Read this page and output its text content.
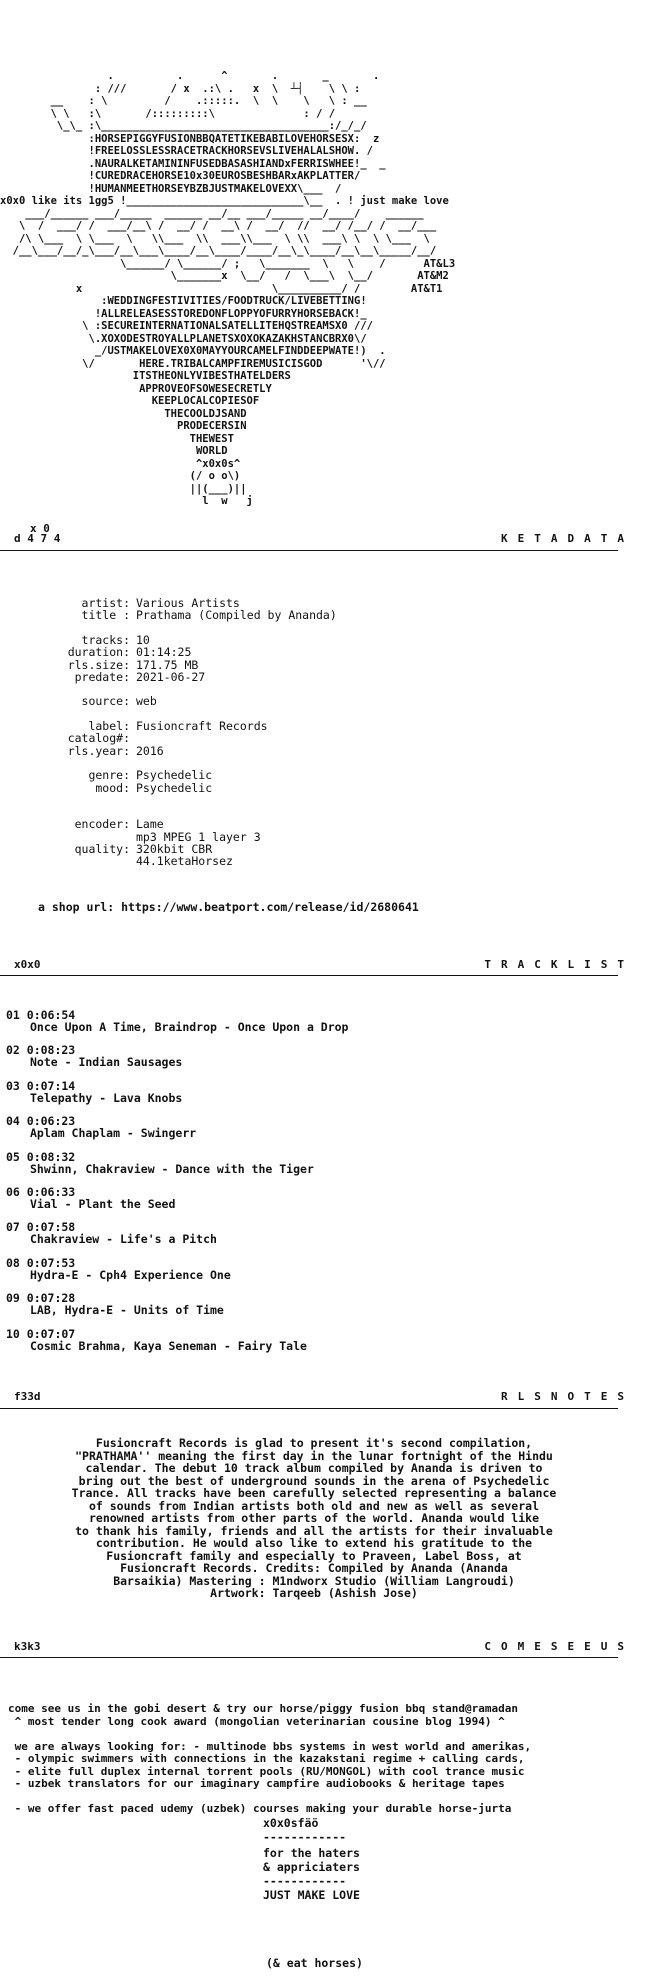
.          .      ^       .       _       .
: ///       / x  .:\ .   x  \  ┴┤    \ \ :
__    : \         /    .:::::.  \  \    \   \ : __
\ \   :\       /:::::::::\              : / /
\_\_ :\____________________________________:/_/_/
:HORSEPIGGYFUSIONBBQATETIKEBABILOVEHORSESX:  z
!FREELOSSLESSRACETRACKHORSEVSLIVEHALALSHOW. /
.NAURALKETAMININFUSEDBASASHIANDxFERRISWHEE!_  _
!CUREDRACEHORSE10x30EUROSBESHBARxAKPLATTER/
!HUMANMEETHORSEYBZBJUSTMAKELOVEXX\___  /
x0x0 like its 1gg5 !____________________________\__  . ! just make love
___/______ ___/_____  ______ __/__ ___/_____ __/____/    ______
\  /  ___/ /  ___/__\ /  __/ /  __\ /  __/  //  __/ /__/ /  __/___
/\ \___  \ \___  \   \\___  \\  ___\\___  \ \\  ___\ \  \ \___  \
/__\___/__/_\___/__\___\____/__\____/____/__\_\____/__\__\_____/__/
\______/ \______/ ;   \_______  \   \    /      AT&L3
\_______x  \__/   /  \___\  \__/       AT&M2
x                              \__________/ /        AT&T1
:WEDDINGFESTIVITIES/FOODTRUCK/LIVEBETTING!
!ALLRELEASESSTOREDONFLOPPYOFURRYHORSEBACK!_
\ :SECUREINTERNATIONALSATELLITEHQSTREAMSX0 ///
\.XOXODESTROYALLPLANETSXOXOKAZAKHSTANCBRX0\/
_/USTMAKELOVEX0X0MAYYOURCAMELFINDDEEPWATE!)  .
\/       HERE.TRIBALCAMPFIREMUSICISGOD      '\//
ITSTHEONLYVIBESTHATELDERS
APPROVEOFSOWESECRETLY
KEEPLOCALCOPIESOF
THECOOLDJSAND
PRODECERSIN
THEWEST
WORLD
^x0x0s^
(/ o o\)
||(___)||
l  w   j
x 0
d 4 7 4	KETADATA
artist: Various Artists
title : Prathama (Compiled by Ananda)
tracks: 10
duration: 01:14:25
rls.size: 171.75 MB
predate: 2021-06-27
source: web
label: Fusioncraft Records
catalog#:
rls.year: 2016
genre: Psychedelic
mood: Psychedelic
encoder: Lame
mp3 MPEG 1 layer 3
quality: 320kbit CBR
44.1ketaHorsez
a shop url: https://www.beatport.com/release/id/2680641
x0x0	TRACKLIST
01 0:06:54
Once Upon A Time, Braindrop - Once Upon a Drop
02 0:08:23
Note - Indian Sausages
03 0:07:14
Telepathy - Lava Knobs
04 0:06:23
Aplam Chaplam - Swingerr
05 0:08:32
Shwinn, Chakraview - Dance with the Tiger
06 0:06:33
Vial - Plant the Seed
07 0:07:58
Chakraview - Life's a Pitch
08 0:07:53
Hydra-E - Cph4 Experience One
09 0:07:28
LAB, Hydra-E - Units of Time
10 0:07:07
Cosmic Brahma, Kaya Seneman - Fairy Tale
f33d	RLSNOTES
Fusioncraft Records is glad to present it's second compilation,
"PRATHAMA'' meaning the first day in the lunar fortnight of the Hindu
calendar. The debut 10 track album compiled by Ananda is driven to
bring out the best of underground sounds in the arena of Psychedelic
Trance. All tracks have been carefully selected representing a balance
of sounds from Indian artists both old and new as well as several
renowned artists from other parts of the world. Ananda would like
to thank his family, friends and all the artists for their invaluable
contribution. He would also like to extend his gratitude to the
Fusioncraft family and especially to Praveen, Label Boss, at
Fusioncraft Records. Credits: Compiled by Ananda (Ananda
Barsaikia) Mastering : M1ndworx Studio (William Langroudi)
Artwork: Tarqeeb (Ashish Jose)
k3k3	COMESEEUS
come see us in the gobi desert & try our horse/piggy fusion bbq stand@ramadan
^ most tender long cook award (mongolian veterinarian cousine blog 1994) ^
we are always looking for: - multinode bbs systems in west world and amerikas,
- olympic swimmers with connections in the kazakstani regime + calling cards,
- elite full duplex internal torrent pools (RU/MONGOL) with cool trance music
- uzbek translators for our imaginary campfire audiobooks & heritage tapes
- we offer fast paced udemy (uzbek) courses making your durable horse-jurta
x0x0sfäö
------------
for the haters
& appriciaters
------------
JUST MAKE LOVE
(& eat horses)
